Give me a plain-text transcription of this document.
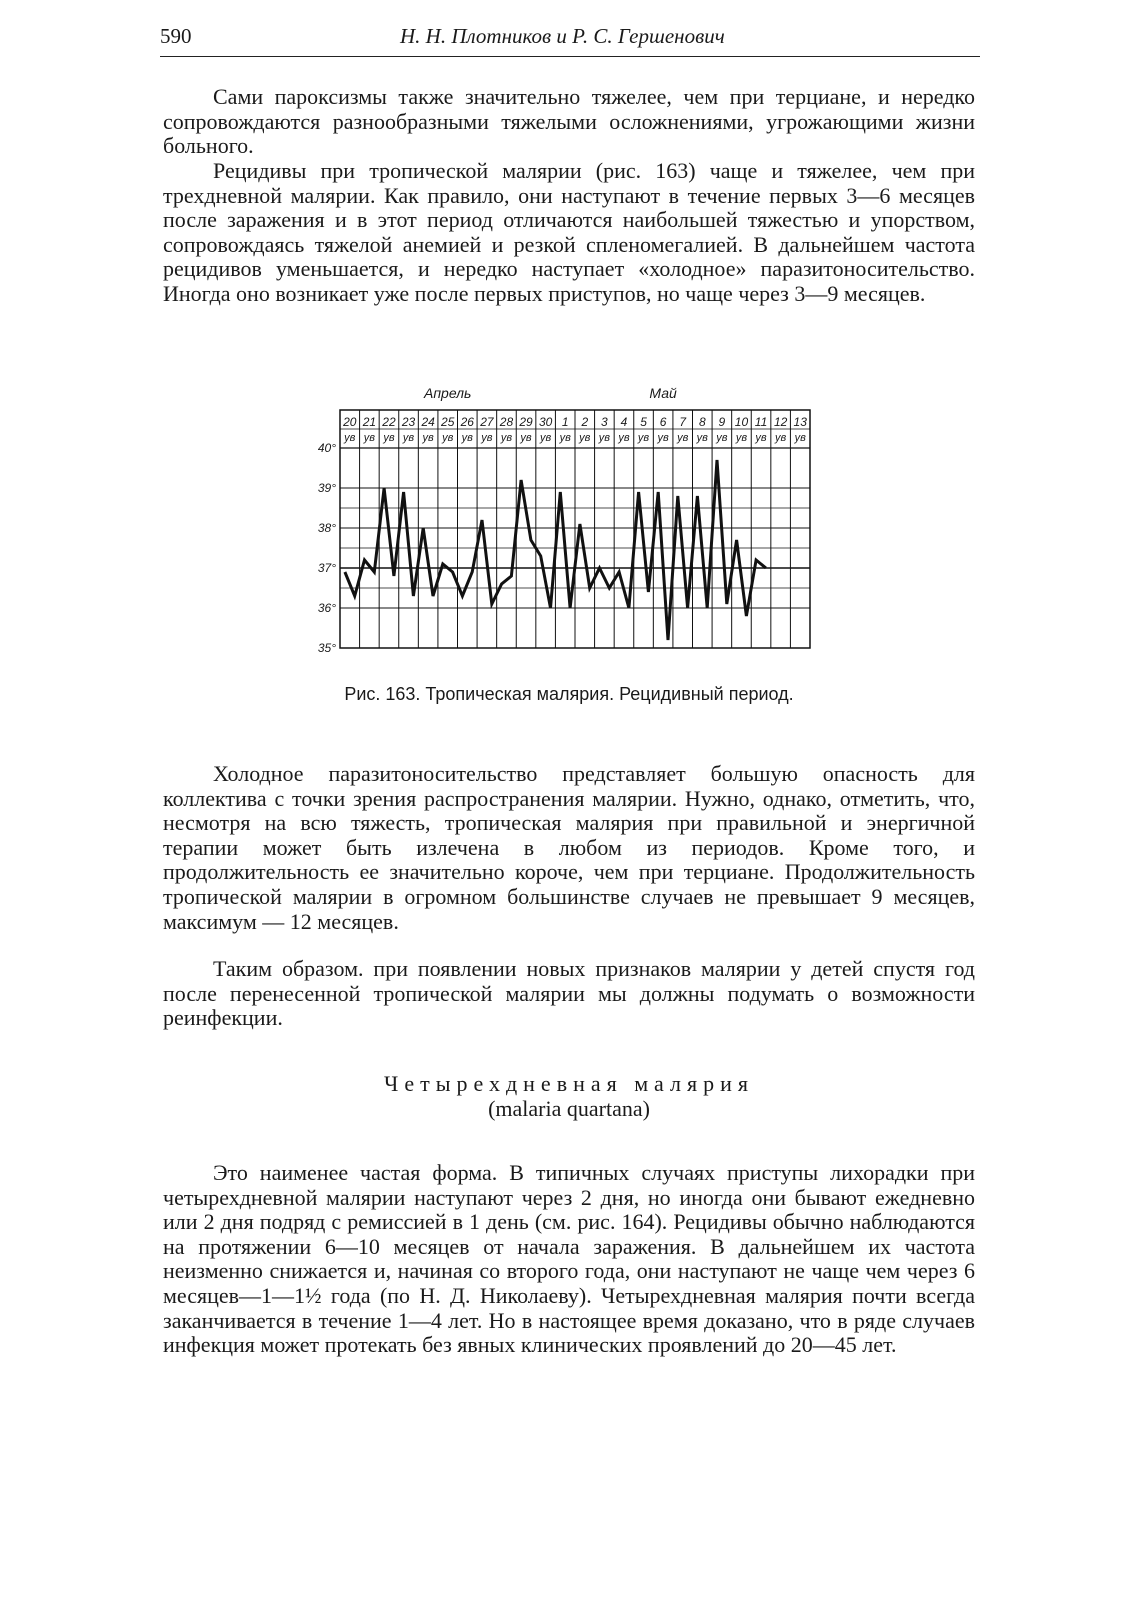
590	Н. Н. Плотников и Р. С. Гершенович

Сами пароксизмы также значительно тяжелее, чем при терциане, и нередко сопровождаются разнообразными тяжелыми осложнениями, угрожающими жизни больного.

Рецидивы при тропической малярии (рис. 163) чаще и тяжелее, чем при трехдневной малярии. Как правило, они наступают в течение первых 3—6 месяцев после заражения и в этот период отличаются наибольшей тяжестью и упорством, сопровождаясь тяжелой анемией и резкой спленомегалией. В дальнейшем частота рецидивов уменьшается, и нередко наступает «холодное» паразитоносительство. Иногда оно возникает уже после первых приступов, но чаще через 3—9 месяцев.

Апрель	Май
20
ув
21
ув
22
ув
23
ув
24
ув
25
ув
26
ув
27
ув
28
ув
29
ув
30
ув
1
ув
2
ув
3
ув
4
ув
5
ув
6
ув
7
ув
8
ув
9
ув
10
ув
11
ув
12
ув
13
ув
40°
39°
38°
37°
36°
35°
Рис. 163. Тропическая малярия. Рецидивный период.

Холодное паразитоносительство представляет большую опасность для коллектива с точки зрения распространения малярии. Нужно, однако, отметить, что, несмотря на всю тяжесть, тропическая малярия при правильной и энергичной терапии может быть излечена в любом из периодов. Кроме того, и продолжительность ее значительно короче, чем при терциане. Продолжительность тропической малярии в огромном большинстве случаев не превышает 9 месяцев, максимум — 12 месяцев.

Таким образом. при появлении новых признаков малярии у детей спустя год после перенесенной тропической малярии мы должны подумать о возможности реинфекции.

Четырехдневная малярия
(malaria quartana)

Это наименее частая форма. В типичных случаях приступы лихорадки при четырехдневной малярии наступают через 2 дня, но иногда они бывают ежедневно или 2 дня подряд с ремиссией в 1 день (см. рис. 164). Рецидивы обычно наблюдаются на протяжении 6—10 месяцев от начала заражения. В дальнейшем их частота неизменно снижается и, начиная со второго года, они наступают не чаще чем через 6 месяцев—1—1½ года (по Н. Д. Николаеву). Четырехдневная малярия почти всегда заканчивается в течение 1—4 лет. Но в настоящее время доказано, что в ряде случаев инфекция может протекать без явных клинических проявлений до 20—45 лет.
